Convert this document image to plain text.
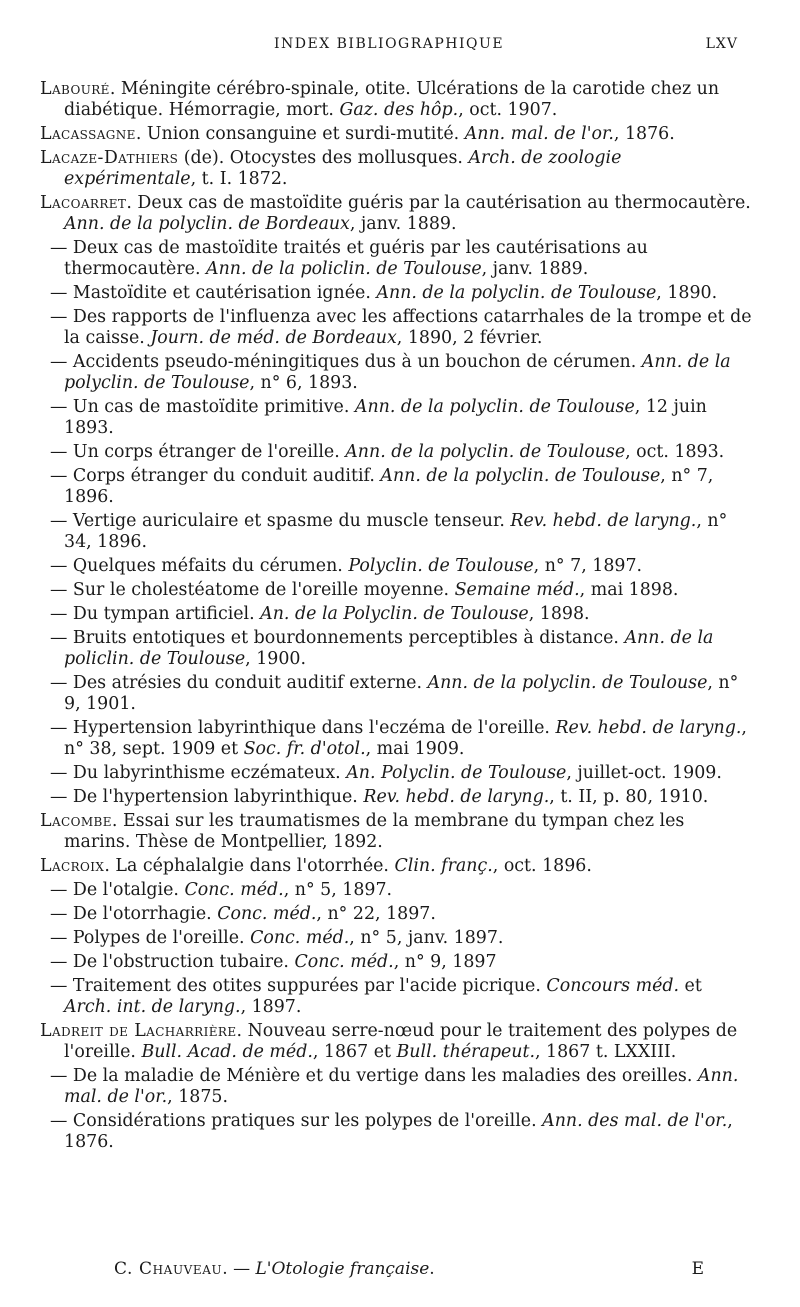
INDEX BIBLIOGRAPHIQUE	LXV
Labouré. Méningite cérébro-spinale, otite. Ulcérations de la carotide chez un diabétique. Hémorragie, mort. Gaz. des hôp., oct. 1907.
Lacassagne. Union consanguine et surdi-mutité. Ann. mal. de l'or., 1876.
Lacaze-Dathiers (de). Otocystes des mollusques. Arch. de zoologie expérimentale, t. I. 1872.
Lacoarret. Deux cas de mastoïdite guéris par la cautérisation au thermocautère. Ann. de la polyclin. de Bordeaux, janv. 1889.
— Deux cas de mastoïdite traités et guéris par les cautérisations au thermocautère. Ann. de la policlin. de Toulouse, janv. 1889.
— Mastoïdite et cautérisation ignée. Ann. de la polyclin. de Toulouse, 1890.
— Des rapports de l'influenza avec les affections catarrhales de la trompe et de la caisse. Journ. de méd. de Bordeaux, 1890, 2 février.
— Accidents pseudo-méningitiques dus à un bouchon de cérumen. Ann. de la polyclin. de Toulouse, n° 6, 1893.
— Un cas de mastoïdite primitive. Ann. de la polyclin. de Toulouse, 12 juin 1893.
— Un corps étranger de l'oreille. Ann. de la polyclin. de Toulouse, oct. 1893.
— Corps étranger du conduit auditif. Ann. de la polyclin. de Toulouse, n° 7, 1896.
— Vertige auriculaire et spasme du muscle tenseur. Rev. hebd. de laryng., n° 34, 1896.
— Quelques méfaits du cérumen. Polyclin. de Toulouse, n° 7, 1897.
— Sur le cholestéatome de l'oreille moyenne. Semaine méd., mai 1898.
— Du tympan artificiel. An. de la Polyclin. de Toulouse, 1898.
— Bruits entotiques et bourdonnements perceptibles à distance. Ann. de la policlin. de Toulouse, 1900.
— Des atrésies du conduit auditif externe. Ann. de la polyclin. de Toulouse, n° 9, 1901.
— Hypertension labyrinthique dans l'eczéma de l'oreille. Rev. hebd. de laryng., n° 38, sept. 1909 et Soc. fr. d'otol., mai 1909.
— Du labyrinthisme eczémateux. An. Polyclin. de Toulouse, juillet-oct. 1909.
— De l'hypertension labyrinthique. Rev. hebd. de laryng., t. II, p. 80, 1910.
Lacombe. Essai sur les traumatismes de la membrane du tympan chez les marins. Thèse de Montpellier, 1892.
Lacroix. La céphalalgie dans l'otorrhée. Clin. franç., oct. 1896.
— De l'otalgie. Conc. méd., n° 5, 1897.
— De l'otorrhagie. Conc. méd., n° 22, 1897.
— Polypes de l'oreille. Conc. méd., n° 5, janv. 1897.
— De l'obstruction tubaire. Conc. méd., n° 9, 1897
— Traitement des otites suppurées par l'acide picrique. Concours méd. et Arch. int. de laryng., 1897.
Ladreit de Lacharrière. Nouveau serre-nœud pour le traitement des polypes de l'oreille. Bull. Acad. de méd., 1867 et Bull. thérapeut., 1867 t. LXXIII.
— De la maladie de Ménière et du vertige dans les maladies des oreilles. Ann. mal. de l'or., 1875.
— Considérations pratiques sur les polypes de l'oreille. Ann. des mal. de l'or., 1876.
C. Chauveau. — L'Otologie française.	E
